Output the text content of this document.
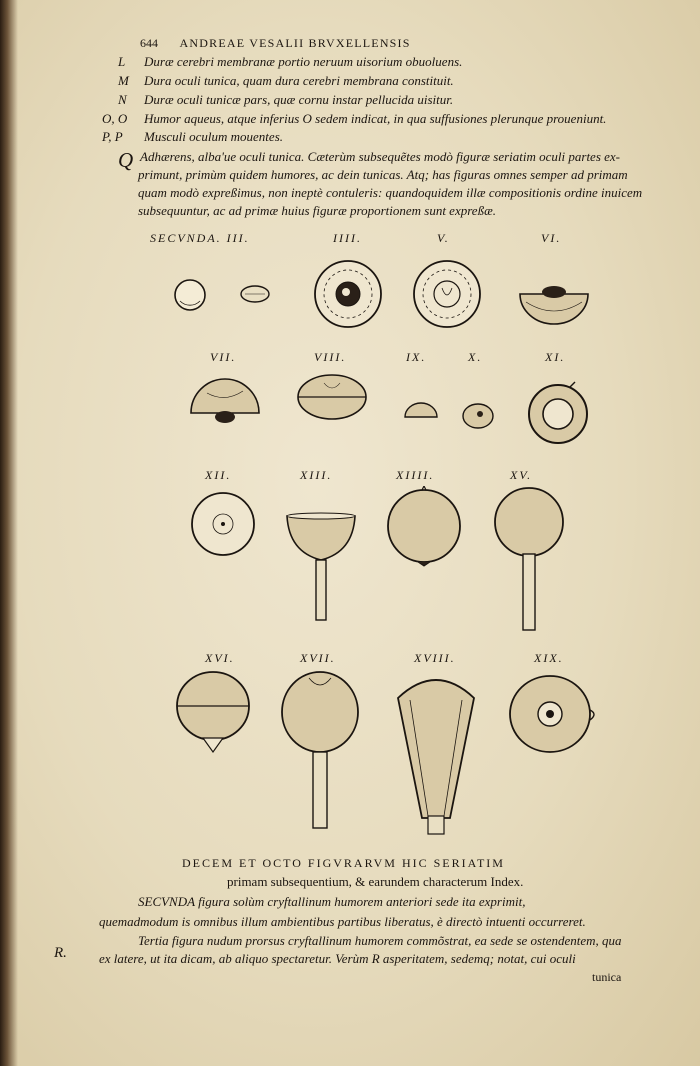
644 ANDREAE VESALII BRVXELLENSIS
L Duræ cerebri membranæ portio neruum uisorium obuoluens.
M Dura oculi tunica, quam dura cerebri membrana constituit.
N Duræ oculi tunicæ pars, quæ cornu instar pellucida uisitur.
O, O Humor aqueus, atque inferius O sedem indicat, in qua suffusiones plerunque proueniunt.
P, P Musculi oculum mouentes.
Q Adhærens, alba'ue oculi tunica. Cæterùm subsequẽtes modò figuræ seriatim oculi partes ex-
primunt, primùm quidem humores, ac dein tunicas. Atq; has figuras omnes semper ad primam
quam modò expreßimus, non ineptè contuleris: quandoquidem illæ compositionis ordine inuicem
subsequuntur, ac ad primæ huius figuræ proportionem sunt expreßæ.
SECVNDA. III.	IIII.	V.	VI.
VII.	VIII.	IX.	X.	XI.
XII.	XIII.	XIIII.	XV.
XVI.	XVII.	XVIII.	XIX.
DECEM ET OCTO FIGVRARVM HIC SERIATIM
primam subsequentium, & earundem characterum Index.
SECVNDA figura solùm cryftallinum humorem anteriori sede ita exprimit,
quemadmodum is omnibus illum ambientibus partibus liberatus, è directò intuenti occurreret.
Tertia figura nudum prorsus cryftallinum humorem commõstrat, ea sede se ostendentem, qua
R. ex latere, ut ita dicam, ab aliquo spectaretur. Verùm R asperitatem, sedemq; notat, cui oculi
tunica
